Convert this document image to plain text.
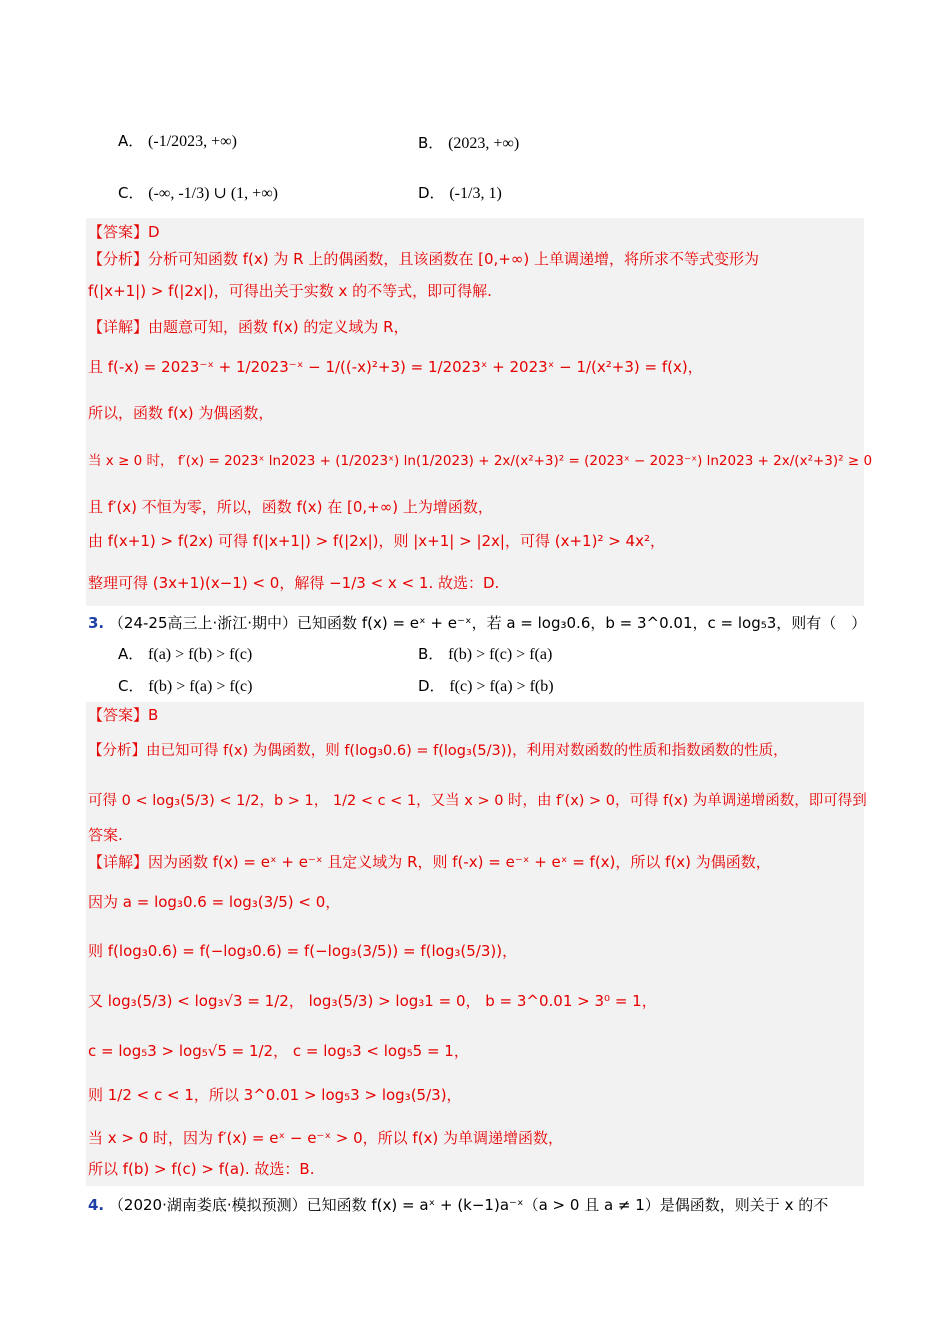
A． (-1/2023, +∞)	B． (2023, +∞)
C． (-∞, -1/3) ∪ (1, +∞)	D． (-1/3, 1)
【答案】D
【分析】分析可知函数 f(x) 为 R 上的偶函数，且该函数在 [0,+∞) 上单调递增，将所求不等式变形为
f(|x+1|) > f(|2x|)，可得出关于实数 x 的不等式，即可得解.
【详解】由题意可知，函数 f(x) 的定义域为 R，
且 f(-x) = 2023⁻ˣ + 1/2023⁻ˣ − 1/((-x)²+3) = 1/2023ˣ + 2023ˣ − 1/(x²+3) = f(x)，
所以，函数 f(x) 为偶函数，
当 x ≥ 0 时， f′(x) = 2023ˣ ln2023 + (1/2023ˣ) ln(1/2023) + 2x/(x²+3)² = (2023ˣ − 2023⁻ˣ) ln2023 + 2x/(x²+3)² ≥ 0
且 f′(x) 不恒为零，所以，函数 f(x) 在 [0,+∞) 上为增函数，
由 f(x+1) > f(2x) 可得 f(|x+1|) > f(|2x|)，则 |x+1| > |2x|，可得 (x+1)² > 4x²，
整理可得 (3x+1)(x−1) < 0，解得 −1/3 < x < 1. 故选：D.
3. （24-25高三上·浙江·期中）已知函数 f(x) = eˣ + e⁻ˣ，若 a = log₃0.6，b = 3^0.01，c = log₅3，则有（　）
A． f(a) > f(b) > f(c)	B． f(b) > f(c) > f(a)
C． f(b) > f(a) > f(c)	D． f(c) > f(a) > f(b)
【答案】B
【分析】由已知可得 f(x) 为偶函数，则 f(log₃0.6) = f(log₃(5/3))，利用对数函数的性质和指数函数的性质，
可得 0 < log₃(5/3) < 1/2，b > 1， 1/2 < c < 1，又当 x > 0 时，由 f′(x) > 0，可得 f(x) 为单调递增函数，即可得到
答案.
【详解】因为函数 f(x) = eˣ + e⁻ˣ 且定义域为 R，则 f(-x) = e⁻ˣ + eˣ = f(x)，所以 f(x) 为偶函数，
因为 a = log₃0.6 = log₃(3/5) < 0，
则 f(log₃0.6) = f(−log₃0.6) = f(−log₃(3/5)) = f(log₃(5/3))，
又 log₃(5/3) < log₃√3 = 1/2， log₃(5/3) > log₃1 = 0， b = 3^0.01 > 3⁰ = 1，
c = log₅3 > log₅√5 = 1/2， c = log₅3 < log₅5 = 1，
则 1/2 < c < 1，所以 3^0.01 > log₅3 > log₃(5/3)，
当 x > 0 时，因为 f′(x) = eˣ − e⁻ˣ > 0，所以 f(x) 为单调递增函数，
所以 f(b) > f(c) > f(a). 故选：B.
4. （2020·湖南娄底·模拟预测）已知函数 f(x) = aˣ + (k−1)a⁻ˣ（a > 0 且 a ≠ 1）是偶函数，则关于 x 的不
